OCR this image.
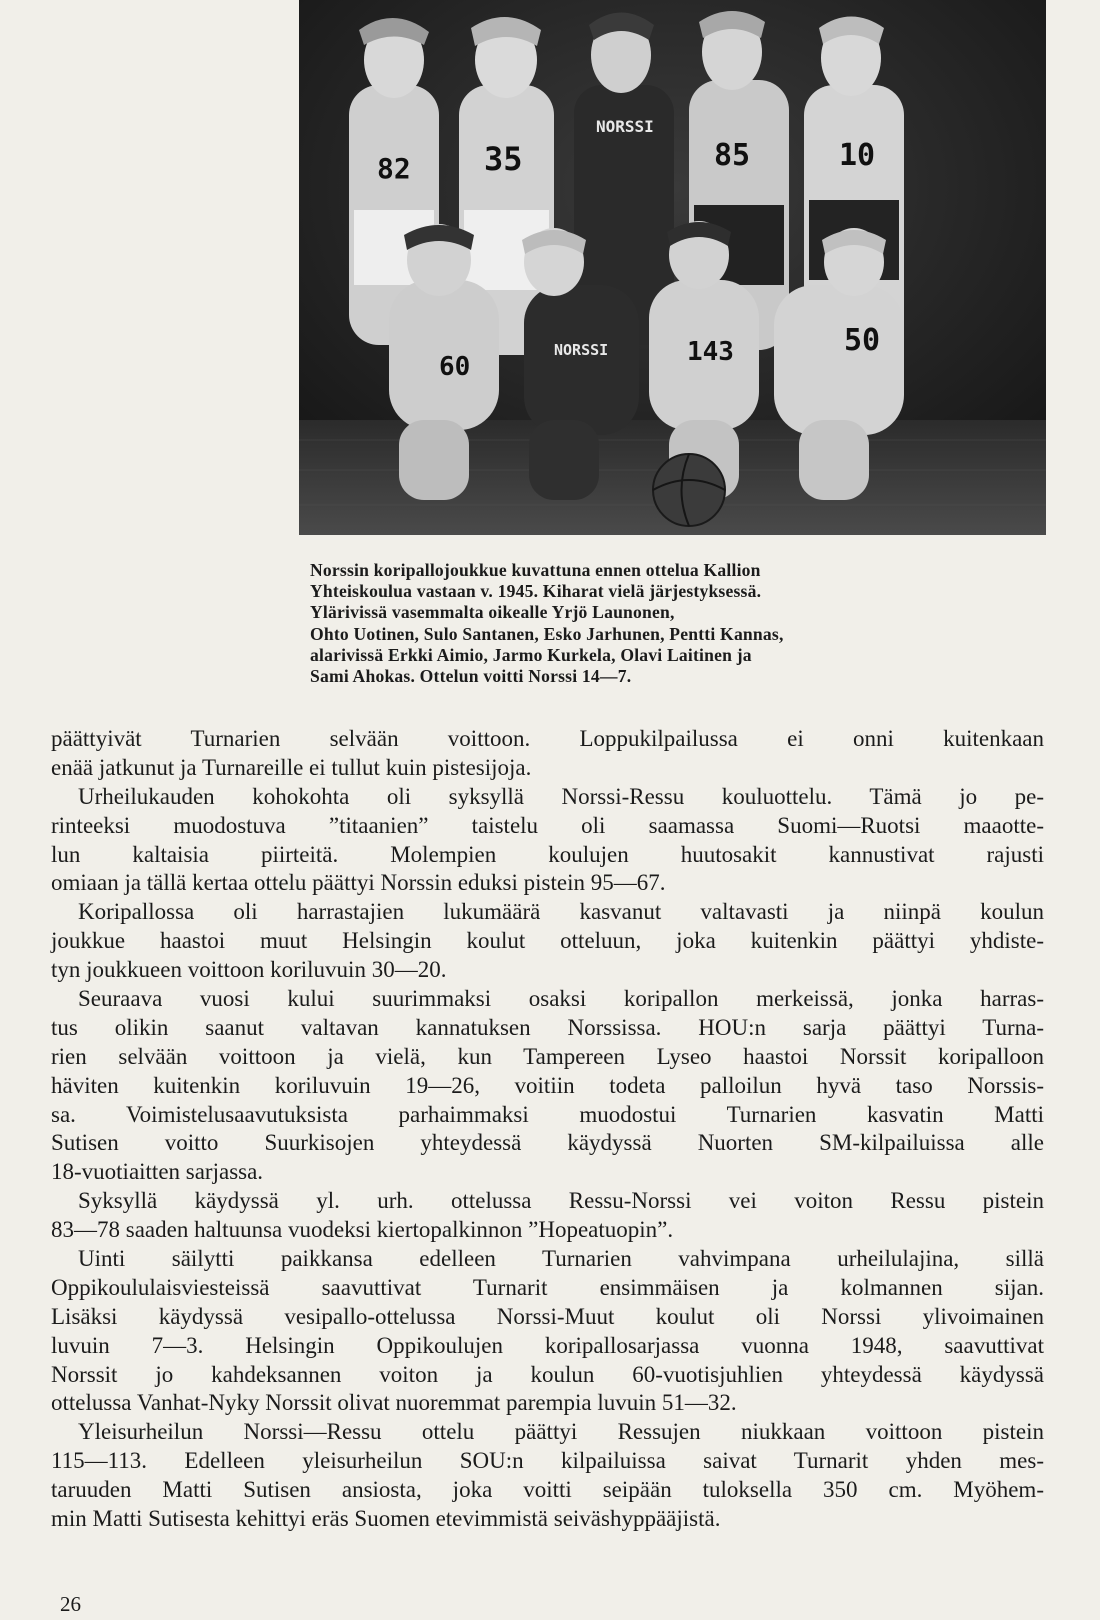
NORSSI
NORSSI
82 35	85	10
60	143	50
Norssin koripallojoukkue kuvattuna ennen ottelua Kallion
Yhteiskoulua vastaan v. 1945. Kiharat vielä järjestyksessä.
Ylärivissä vasemmalta oikealle Yrjö Launonen,
Ohto Uotinen, Sulo Santanen, Esko Jarhunen, Pentti Kannas,
alarivissä Erkki Aimio, Jarmo Kurkela, Olavi Laitinen ja
Sami Ahokas. Ottelun voitti Norssi 14—7.
päättyivät Turnarien selvään voittoon. Loppukilpailussa ei onni kuitenkaan
enää jatkunut ja Turnareille ei tullut kuin pistesijoja.
Urheilukauden kohokohta oli syksyllä Norssi-Ressu kouluottelu. Tämä jo pe-
rinteeksi muodostuva ”titaanien” taistelu oli saamassa Suomi—Ruotsi maaotte-
lun kaltaisia piirteitä. Molempien koulujen huutosakit kannustivat rajusti
omiaan ja tällä kertaa ottelu päättyi Norssin eduksi pistein 95—67.
Koripallossa oli harrastajien lukumäärä kasvanut valtavasti ja niinpä koulun
joukkue haastoi muut Helsingin koulut otteluun, joka kuitenkin päättyi yhdiste-
tyn joukkueen voittoon koriluvuin 30—20.
Seuraava vuosi kului suurimmaksi osaksi koripallon merkeissä, jonka harras-
tus olikin saanut valtavan kannatuksen Norssissa. HOU:n sarja päättyi Turna-
rien selvään voittoon ja vielä, kun Tampereen Lyseo haastoi Norssit koripalloon
häviten kuitenkin koriluvuin 19—26, voitiin todeta palloilun hyvä taso Norssis-
sa. Voimistelusaavutuksista parhaimmaksi muodostui Turnarien kasvatin Matti
Sutisen voitto Suurkisojen yhteydessä käydyssä Nuorten SM-kilpailuissa alle
18-vuotiaitten sarjassa.
Syksyllä käydyssä yl. urh. ottelussa Ressu-Norssi vei voiton Ressu pistein
83—78 saaden haltuunsa vuodeksi kiertopalkinnon ”Hopeatuopin”.
Uinti säilytti paikkansa edelleen Turnarien vahvimpana urheilulajina, sillä
Oppikoululaisviesteissä saavuttivat Turnarit ensimmäisen ja kolmannen sijan.
Lisäksi käydyssä vesipallo-ottelussa Norssi-Muut koulut oli Norssi ylivoimainen
luvuin 7—3. Helsingin Oppikoulujen koripallosarjassa vuonna 1948, saavuttivat
Norssit jo kahdeksannen voiton ja koulun 60-vuotisjuhlien yhteydessä käydyssä
ottelussa Vanhat-Nyky Norssit olivat nuoremmat parempia luvuin 51—32.
Yleisurheilun Norssi—Ressu ottelu päättyi Ressujen niukkaan voittoon pistein
115—113. Edelleen yleisurheilun SOU:n kilpailuissa saivat Turnarit yhden mes-
taruuden Matti Sutisen ansiosta, joka voitti seipään tuloksella 350 cm. Myöhem-
min Matti Sutisesta kehittyi eräs Suomen etevimmistä seiväshyppääjistä.
26
